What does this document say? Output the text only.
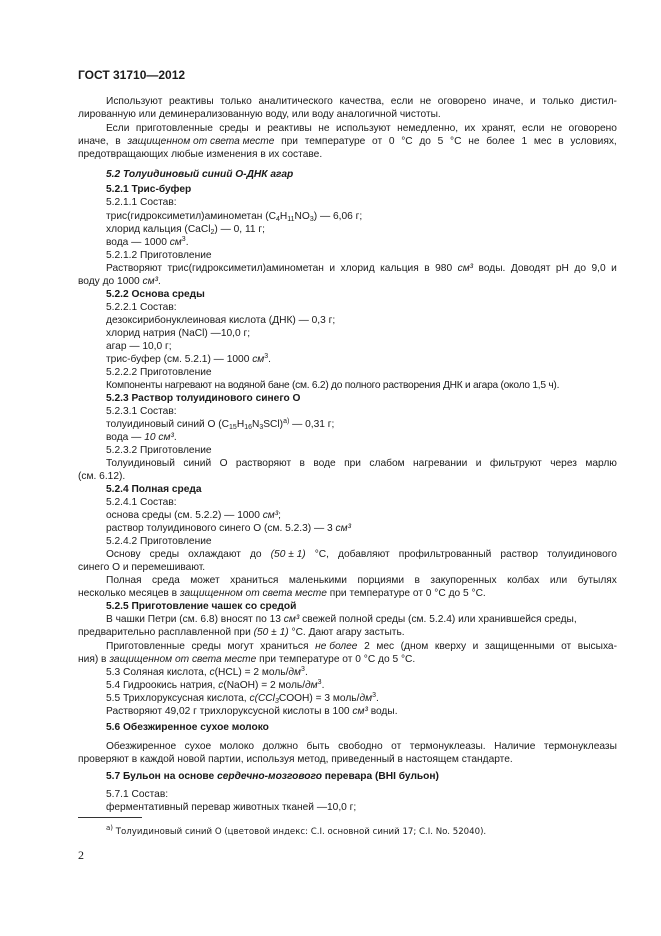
ГОСТ 31710—2012
Используют реактивы только аналитического качества, если не оговорено иначе, и только дистил-
лированную или деминерализованную воду, или воду аналогичной чистоты.
Если приготовленные среды и реактивы не используют немедленно, их хранят, если не оговорено
иначе, в защищенном от света месте при температуре от 0 °С до 5 °С не более 1 мес в условиях,
предотвращающих любые изменения в их составе.
5.2 Толуидиновый синий О-ДНК агар
5.2.1 Трис-буфер
5.2.1.1 Состав:
трис(гидроксиметил)аминометан $(C_4H_{11}NO_3)$ — 6,06 г;
хлорид кальция (CaCl$_2$) — 0, 11 г;
вода — 1000 $см^3$.
5.2.1.2 Приготовление
Растворяют трис(гидроксиметил)аминометан и хлорид кальция в 980 см³ воды. Доводят pH до 9,0 и
воду до 1000 см³.
5.2.2 Основа среды
5.2.2.1 Состав:
дезоксирибонуклеиновая кислота (ДНК) — 0,3 г;
хлорид натрия (NaCl) —10,0 г;
агар — 10,0 г;
трис-буфер (см. 5.2.1) — 1000 $см^3$.
5.2.2.2 Приготовление
Компоненты нагревают на водяной бане (см. 6.2) до полного растворения ДНК и агара (около 1,5 ч).
5.2.3 Раствор толуидинового синего О
5.2.3.1 Состав:
толуидиновый синий О $(C_{15}H_{16}N_3SCl)^{а)}$ — 0,31 г;
вода — 10 см³.
5.2.3.2 Приготовление
Толуидиновый синий О растворяют в воде при слабом нагревании и фильтруют через марлю
(см. 6.12).
5.2.4 Полная среда
5.2.4.1 Состав:
основа среды (см. 5.2.2) — 1000 см³;
раствор толуидинового синего О (см. 5.2.3) — 3 см³
5.2.4.2 Приготовление
Основу среды охлаждают до (50 ± 1) °С, добавляют профильтрованный раствор толуидинового
синего О и перемешивают.
Полная среда может храниться маленькими порциями в закупоренных колбах или бутылях
несколько месяцев в защищенном от света месте при температуре от 0 °С до 5 °С.
5.2.5 Приготовление чашек со средой
В чашки Петри (см. 6.8) вносят по 13 см³ свежей полной среды (см. 5.2.4) или хранившейся среды,
предварительно расплавленной при (50 ± 1) °С. Дают агару застыть.
Приготовленные среды могут храниться не более 2 мес (дном кверху и защищенными от высыха-
ния) в защищенном от света месте при температуре от 0 °С до 5 °С.
5.3 Соляная кислота, c(HCL) = 2 моль/$дм^3$.
5.4 Гидроокись натрия, c(NaOH) = 2 моль/$дм^3$.
5.5 Трихлоруксусная кислота, c(CCl$_3$COOH) = 3 моль/$дм^3$.
Растворяют 49,02 г трихлоруксусной кислоты в 100 см³ воды.
5.6 Обезжиренное сухое молоко
Обезжиренное сухое молоко должно быть свободно от термонуклеазы. Наличие термонуклеазы
проверяют в каждой новой партии, используя метод, приведенный в настоящем стандарте.
5.7 Бульон на основе сердечно-мозгового перевара (BHI бульон)
5.7.1 Состав:
ферментативный перевар животных тканей —10,0 г;
$^{а)}$ Толуидиновый синий О (цветовой индекс: C.I. основной синий 17; C.I. No. 52040).
2
